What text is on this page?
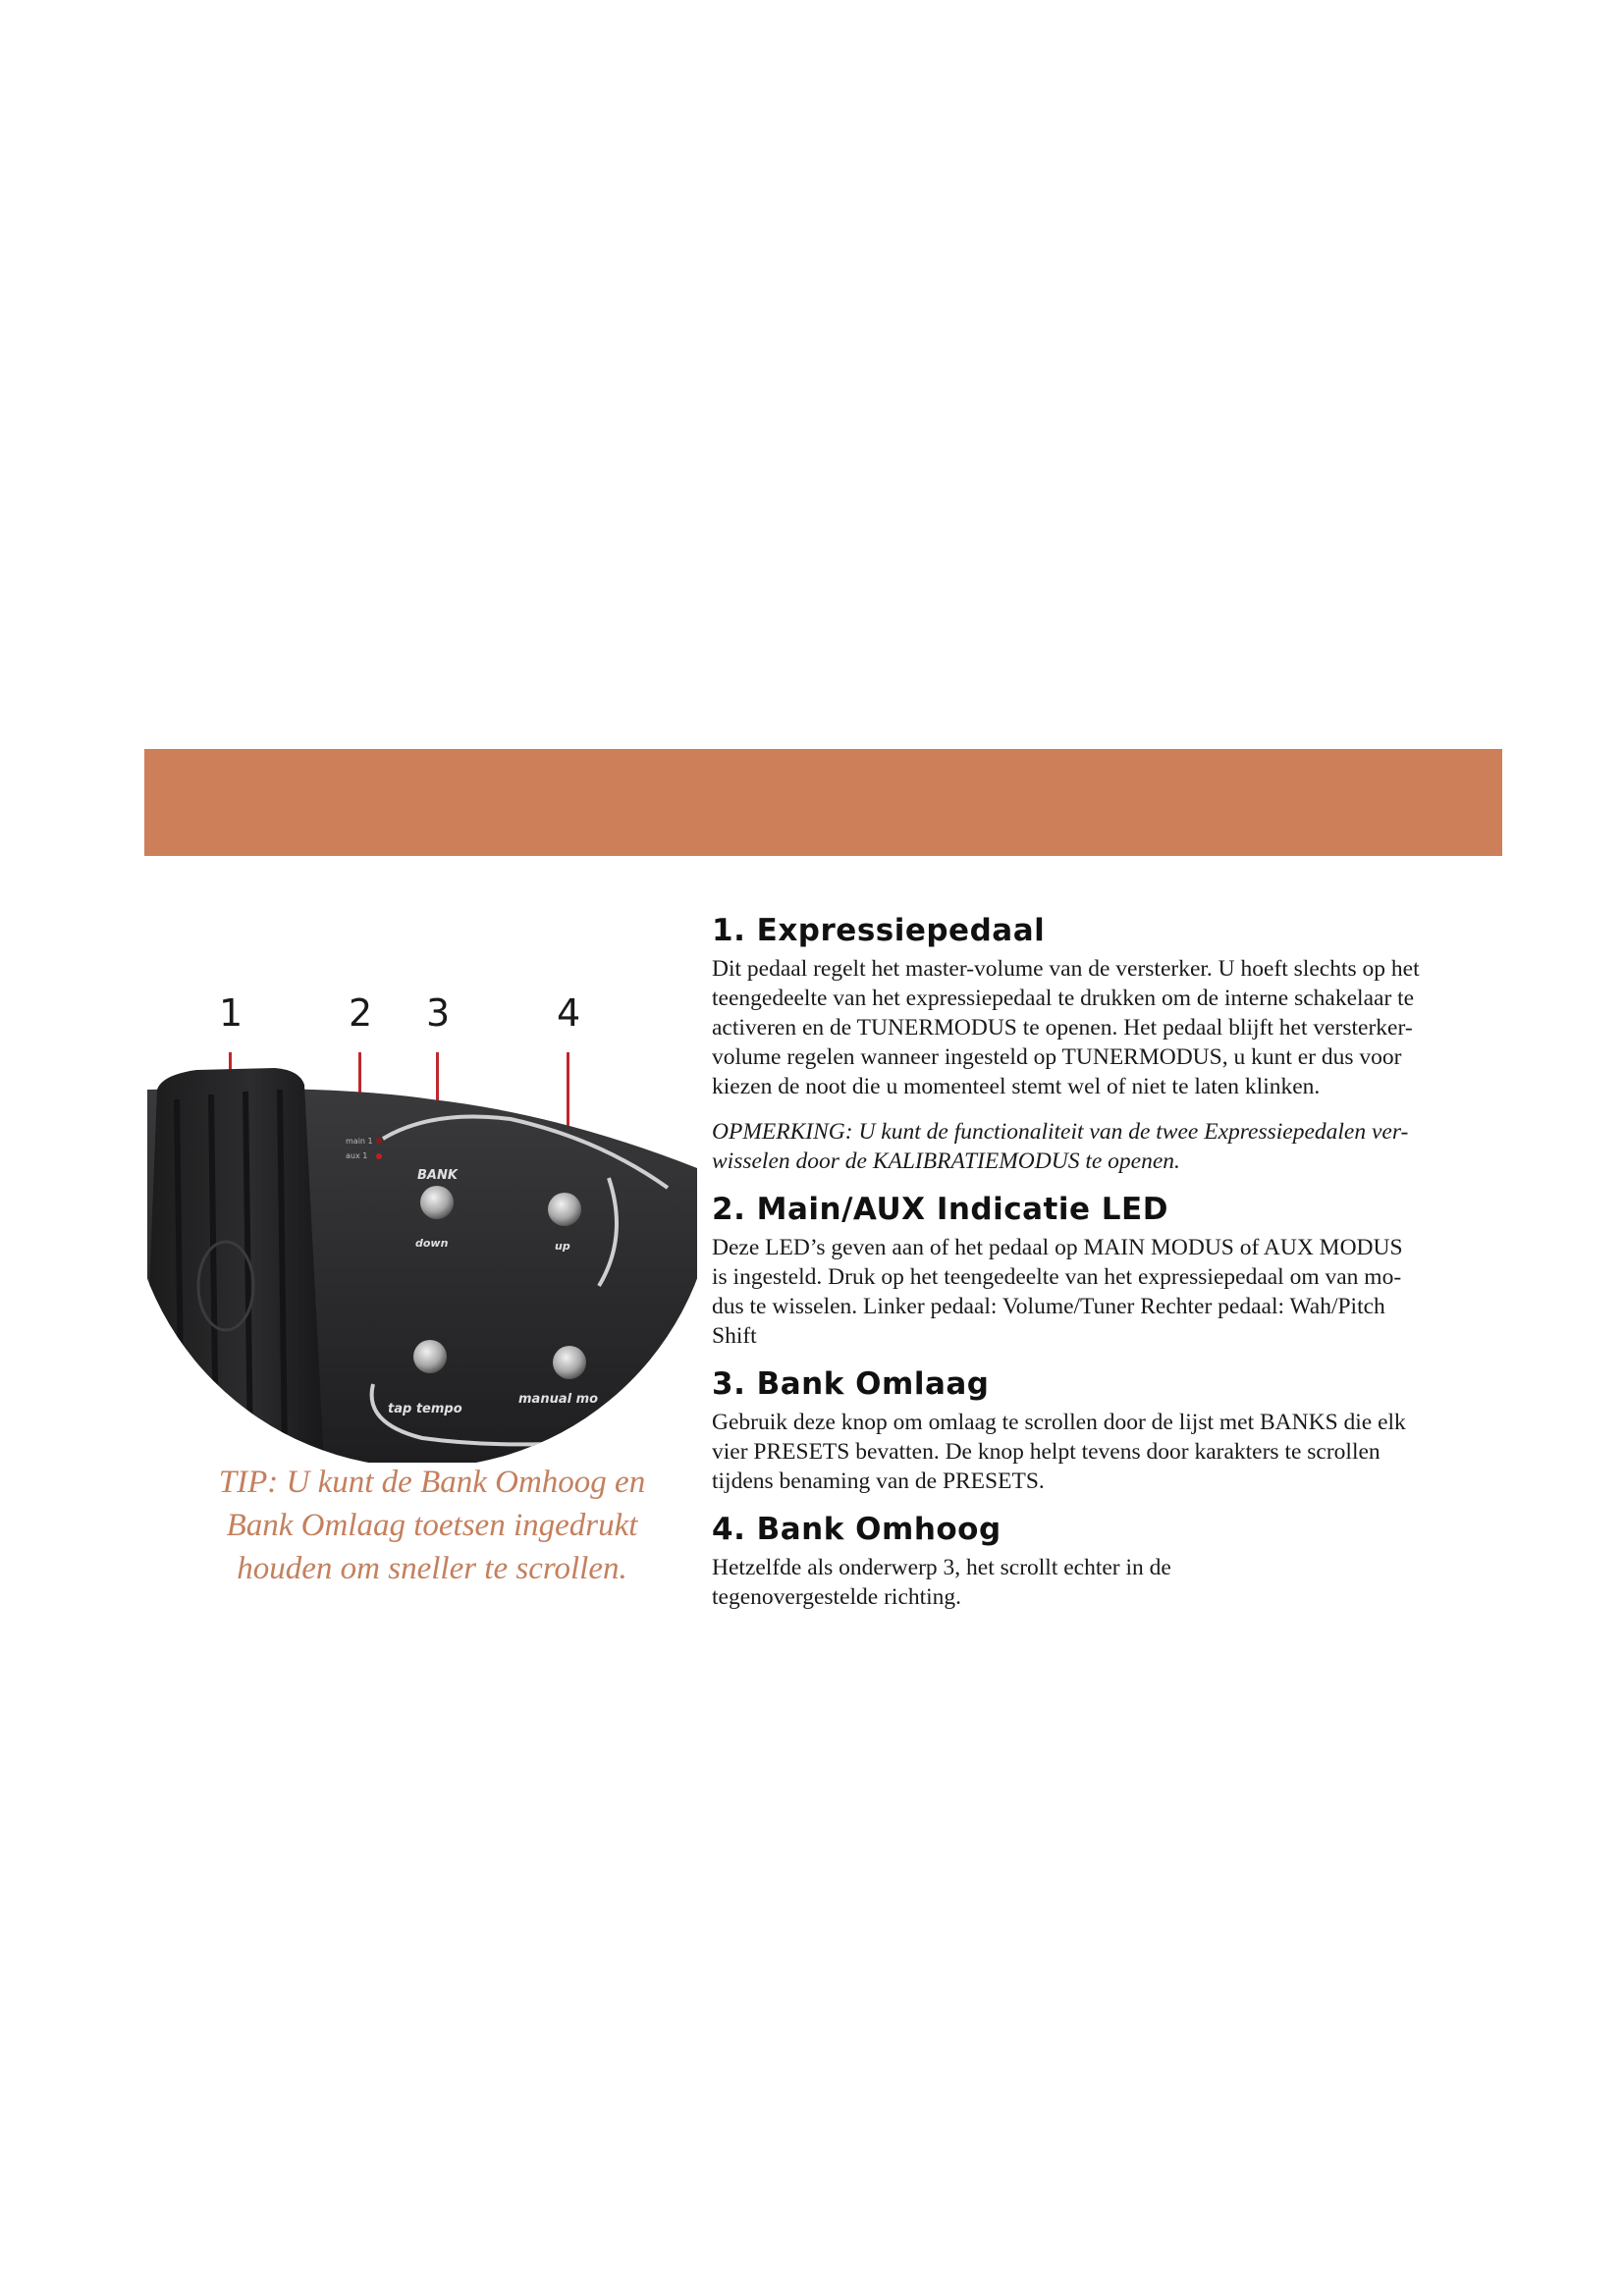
1	2 3	4
main 1
aux 1
BANK
down	up
tap tempo
manual mo
TIP: U kunt de Bank Omhoog en
Bank Omlaag toetsen ingedrukt
houden om sneller te scrollen.
1. Expressiepedaal

Dit pedaal regelt het master-volume van de versterker. U hoeft slechts op het
teengedeelte van het expressiepedaal te drukken om de interne schakelaar te
activeren en de TUNERMODUS te openen. Het pedaal blijft het versterker-
volume regelen wanneer ingesteld op TUNERMODUS, u kunt er dus voor
kiezen de noot die u momenteel stemt wel of niet te laten klinken.

OPMERKING: U kunt de functionaliteit van de twee Expressiepedalen ver-
wisselen door de KALIBRATIEMODUS te openen.

2. Main/AUX Indicatie LED

Deze LED’s geven aan of het pedaal op MAIN MODUS of AUX MODUS
is ingesteld. Druk op het teengedeelte van het expressiepedaal om van mo-
dus te wisselen. Linker pedaal: Volume/Tuner Rechter pedaal: Wah/Pitch
Shift

3. Bank Omlaag

Gebruik deze knop om omlaag te scrollen door de lijst met BANKS die elk
vier PRESETS bevatten. De knop helpt tevens door karakters te scrollen
tijdens benaming van de PRESETS.

4. Bank Omhoog

Hetzelfde als onderwerp 3, het scrollt echter in de
tegenovergestelde richting.
